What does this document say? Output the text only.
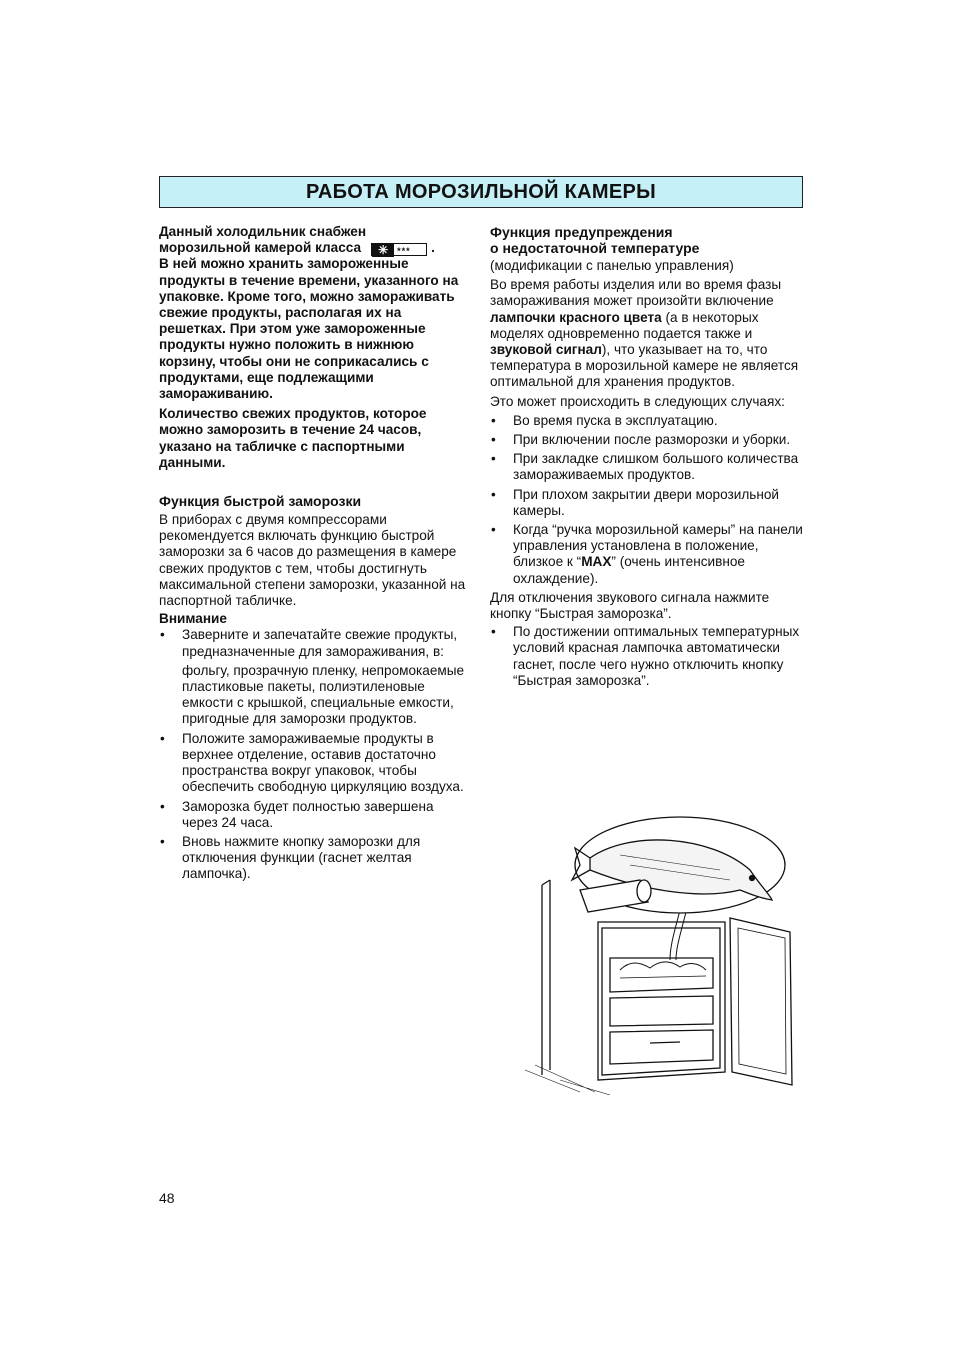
РАБОТА МОРОЗИЛЬНОЙ КАМЕРЫ

Данный холодильник снабжен
морозильной камерой класса ✳ *** .
В ней можно хранить замороженные продукты в течение времени, указанного на упаковке. Кроме того, можно замораживать свежие продукты, располагая их на решетках. При этом уже замороженные продукты нужно положить в нижнюю корзину, чтобы они не соприкасались с продуктами, еще подлежащими замораживанию.

Количество свежих продуктов, которое можно заморозить в течение 24 часов, указано на табличке с паспортными данными.

Функция быстрой заморозки

В приборах с двумя компрессорами рекомендуется включать функцию быстрой заморозки за 6 часов до размещения в камере свежих продуктов с тем, чтобы достигнуть максимальной степени заморозки, указанной на паспортной табличке.

Внимание

• Заверните и запечатайте свежие продукты, предназначенные для замораживания, в:

фольгу, прозрачную пленку, непромокаемые пластиковые пакеты, полиэтиленовые емкости с крышкой, специальные емкости, пригодные для заморозки продуктов.
• Положите замораживаемые продукты в верхнее отделение, оставив достаточно пространства вокруг упаковок, чтобы обеспечить свободную циркуляцию воздуха.
• Заморозка будет полностью завершена через 24 часа.
• Вновь нажмите кнопку заморозки для отключения функции (гаснет желтая лампочка).

Функция предупреждения
о недостаточной температуре

(модификации с панелью управления)

Во время работы изделия или во время фазы замораживания может произойти включение лампочки красного цвета (а в некоторых моделях одновременно подается также и звуковой сигнал), что указывает на то, что температура в морозильной камере не является оптимальной для хранения продуктов.

Это может происходить в следующих случаях:

• Во время пуска в эксплуатацию.
• При включении после разморозки и уборки.
• При закладке слишком большого количества замораживаемых продуктов.
• При плохом закрытии двери морозильной камеры.
• Когда “ручка морозильной камеры” на панели управления установлена в положение, близкое к “MAX” (очень интенсивное охлаждение).

Для отключения звукового сигнала нажмите кнопку “Быстрая заморозка”.

• По достижении оптимальных температурных условий красная лампочка автоматически гаснет, после чего нужно отключить кнопку “Быстрая заморозка”.
48
